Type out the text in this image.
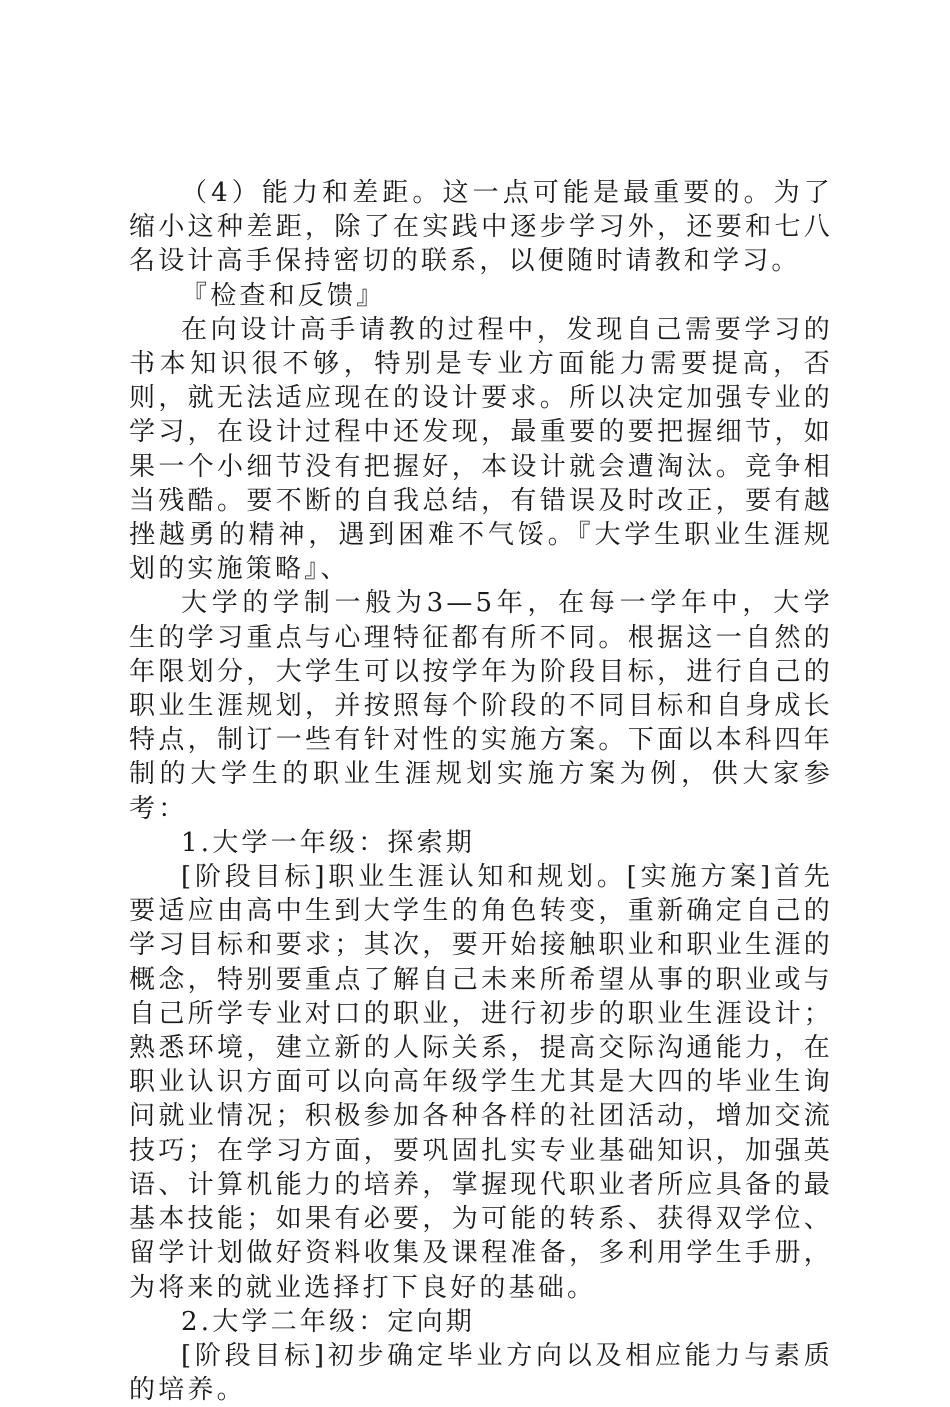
（4）能力和差距。这一点可能是最重要的。为了缩小这种差距，除了在实践中逐步学习外，还要和七八名设计高手保持密切的联系，以便随时请教和学习。

『检查和反馈』

在向设计高手请教的过程中，发现自己需要学习的书本知识很不够，特别是专业方面能力需要提高，否则，就无法适应现在的设计要求。所以决定加强专业的学习，在设计过程中还发现，最重要的要把握细节，如果一个小细节没有把握好，本设计就会遭淘汰。竞争相当残酷。要不断的自我总结，有错误及时改正，要有越挫越勇的精神，遇到困难不气馁。『大学生职业生涯规划的实施策略』、

大学的学制一般为3—5年，在每一学年中，大学生的学习重点与心理特征都有所不同。根据这一自然的年限划分，大学生可以按学年为阶段目标，进行自己的职业生涯规划，并按照每个阶段的不同目标和自身成长特点，制订一些有针对性的实施方案。下面以本科四年制的大学生的职业生涯规划实施方案为例，供大家参考：

1.大学一年级：探索期

[阶段目标]职业生涯认知和规划。[实施方案]首先要适应由高中生到大学生的角色转变，重新确定自己的学习目标和要求；其次，要开始接触职业和职业生涯的概念，特别要重点了解自己未来所希望从事的职业或与自己所学专业对口的职业，进行初步的职业生涯设计；熟悉环境，建立新的人际关系，提高交际沟通能力，在职业认识方面可以向高年级学生尤其是大四的毕业生询问就业情况；积极参加各种各样的社团活动，增加交流技巧；在学习方面，要巩固扎实专业基础知识，加强英语、计算机能力的培养，掌握现代职业者所应具备的最基本技能；如果有必要，为可能的转系、获得双学位、留学计划做好资料收集及课程准备，多利用学生手册，为将来的就业选择打下良好的基础。

2.大学二年级：定向期

[阶段目标]初步确定毕业方向以及相应能力与素质的培养。
